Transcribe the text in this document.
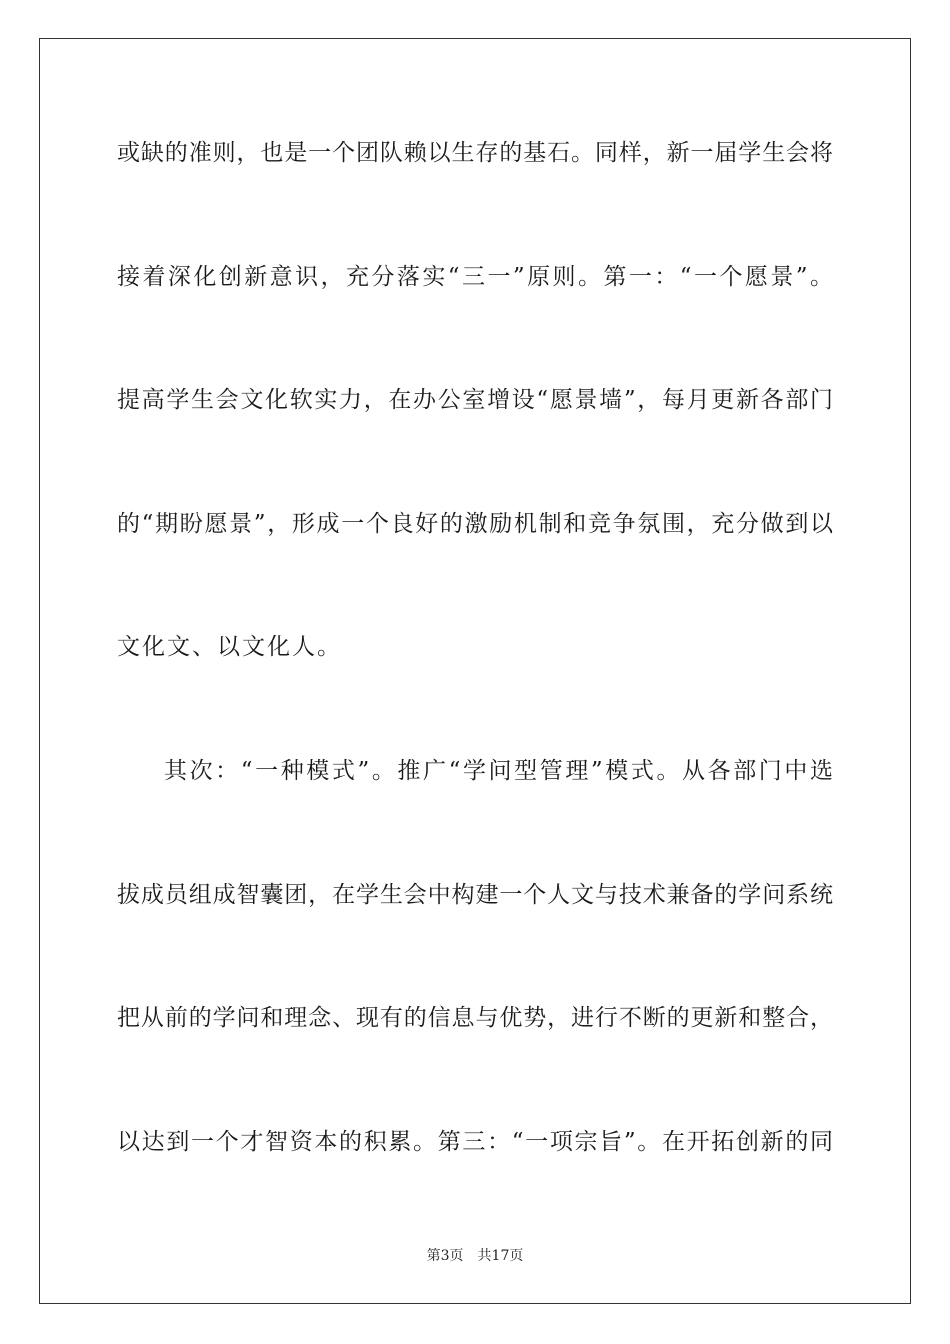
或缺的准则，也是一个团队赖以生存的基石。同样，新一届学生会将
接着深化创新意识，充分落实“三一”原则。第一：“一个愿景”。
提高学生会文化软实力，在办公室增设“愿景墙”，每月更新各部门
的“期盼愿景”，形成一个良好的激励机制和竞争氛围，充分做到以
文化文、以文化人。
其次：“一种模式”。推广“学问型管理”模式。从各部门中选
拔成员组成智囊团，在学生会中构建一个人文与技术兼备的学问系统
把从前的学问和理念、现有的信息与优势，进行不断的更新和整合，
以达到一个才智资本的积累。第三：“一项宗旨”。在开拓创新的同
第3页 共17页
